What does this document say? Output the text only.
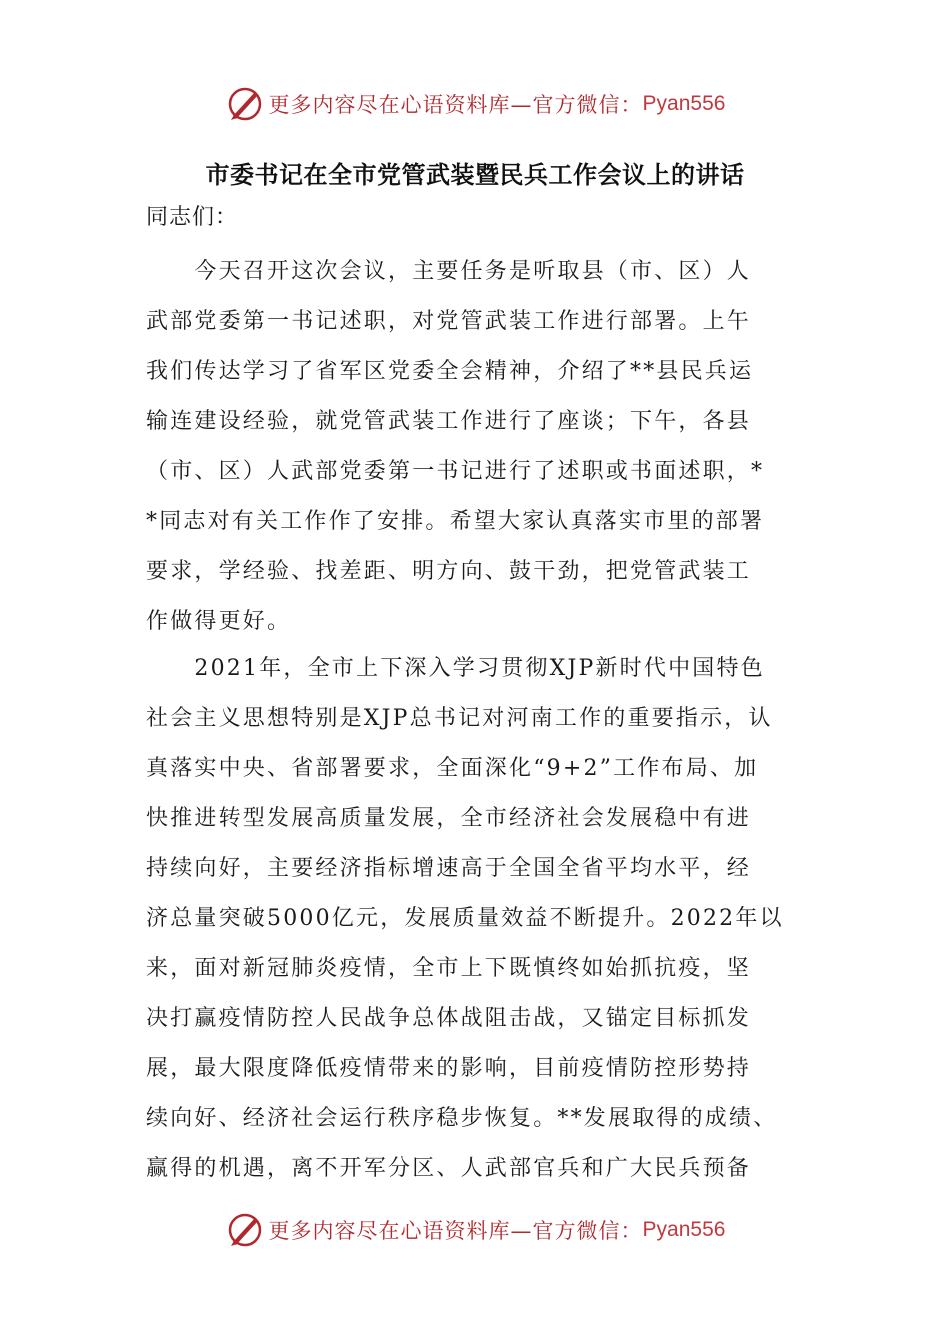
更多内容尽在心语资料库—官方微信： Pyan556
市委书记在全市党管武装暨民兵工作会议上的讲话
同志们：
　　今天召开这次会议，主要任务是听取县（市、区）人
武部党委第一书记述职，对党管武装工作进行部署。上午
我们传达学习了省军区党委全会精神，介绍了**县民兵运
输连建设经验，就党管武装工作进行了座谈；下午，各县
（市、区）人武部党委第一书记进行了述职或书面述职，*
*同志对有关工作作了安排。希望大家认真落实市里的部署
要求，学经验、找差距、明方向、鼓干劲，把党管武装工
作做得更好。
　　2021年，全市上下深入学习贯彻XJP新时代中国特色
社会主义思想特别是XJP总书记对河南工作的重要指示，认
真落实中央、省部署要求，全面深化“9+2”工作布局、加
快推进转型发展高质量发展，全市经济社会发展稳中有进
持续向好，主要经济指标增速高于全国全省平均水平，经
济总量突破5000亿元，发展质量效益不断提升。2022年以
来，面对新冠肺炎疫情，全市上下既慎终如始抓抗疫，坚
决打赢疫情防控人民战争总体战阻击战，又锚定目标抓发
展，最大限度降低疫情带来的影响，目前疫情防控形势持
续向好、经济社会运行秩序稳步恢复。**发展取得的成绩、
赢得的机遇，离不开军分区、人武部官兵和广大民兵预备
更多内容尽在心语资料库—官方微信： Pyan556
